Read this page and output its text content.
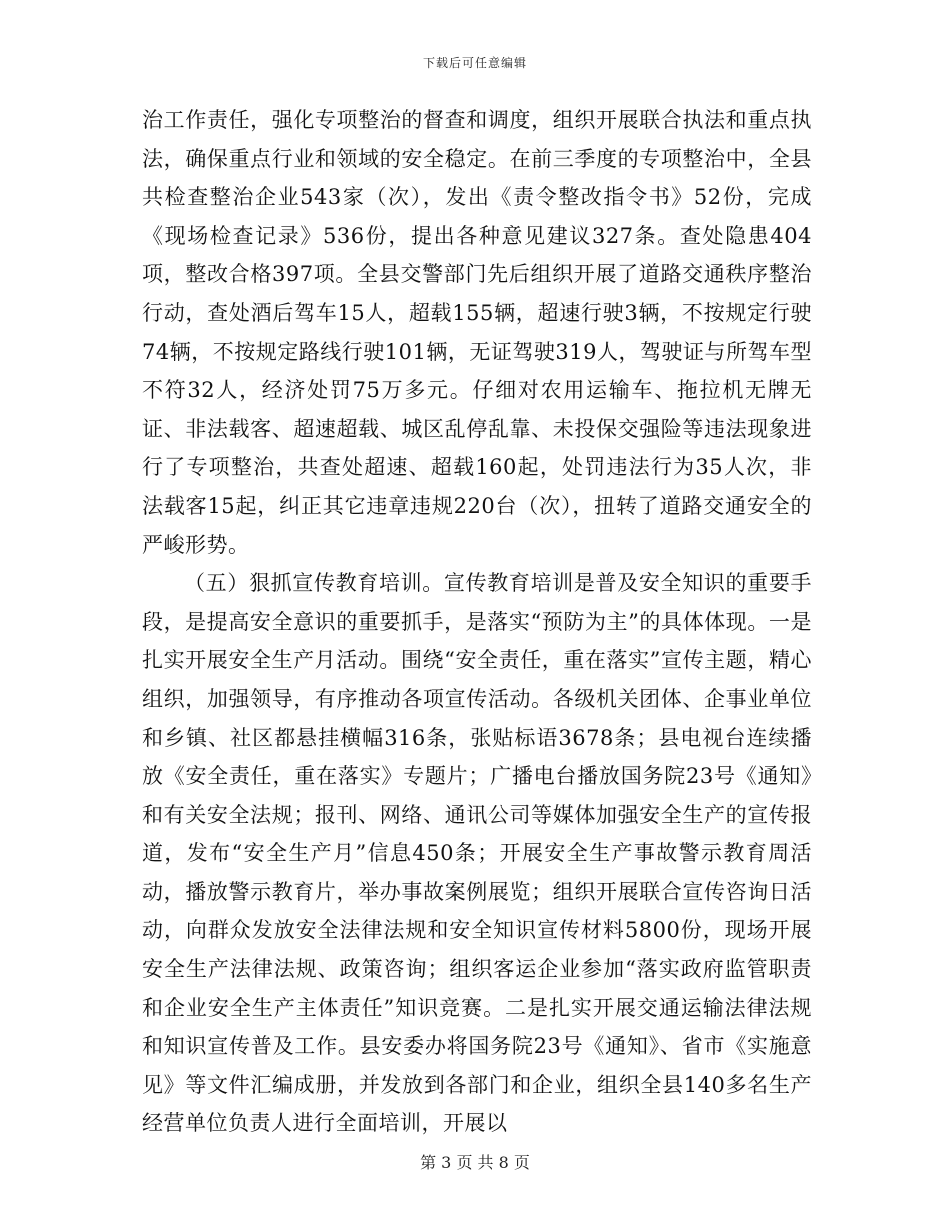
下载后可任意编辑

治工作责任，强化专项整治的督查和调度，组织开展联合执法和重点执法，确保重点行业和领域的安全稳定。在前三季度的专项整治中，全县共检查整治企业543家（次），发出《责令整改指令书》52份，完成《现场检查记录》536份，提出各种意见建议327条。查处隐患404项，整改合格397项。全县交警部门先后组织开展了道路交通秩序整治行动，查处酒后驾车15人，超载155辆，超速行驶3辆，不按规定行驶74辆，不按规定路线行驶101辆，无证驾驶319人，驾驶证与所驾车型不符32人，经济处罚75万多元。仔细对农用运输车、拖拉机无牌无证、非法载客、超速超载、城区乱停乱靠、未投保交强险等违法现象进行了专项整治，共查处超速、超载160起，处罚违法行为35人次，非法载客15起，纠正其它违章违规220台（次），扭转了道路交通安全的严峻形势。

（五）狠抓宣传教育培训。宣传教育培训是普及安全知识的重要手段，是提高安全意识的重要抓手，是落实“预防为主”的具体体现。一是扎实开展安全生产月活动。围绕“安全责任，重在落实”宣传主题，精心组织，加强领导，有序推动各项宣传活动。各级机关团体、企事业单位和乡镇、社区都悬挂横幅316条，张贴标语3678条；县电视台连续播放《安全责任，重在落实》专题片；广播电台播放国务院23号《通知》和有关安全法规；报刊、网络、通讯公司等媒体加强安全生产的宣传报道，发布“安全生产月”信息450条；开展安全生产事故警示教育周活动，播放警示教育片，举办事故案例展览；组织开展联合宣传咨询日活动，向群众发放安全法律法规和安全知识宣传材料5800份，现场开展安全生产法律法规、政策咨询；组织客运企业参加“落实政府监管职责和企业安全生产主体责任”知识竞赛。二是扎实开展交通运输法律法规和知识宣传普及工作。县安委办将国务院23号《通知》、省市《实施意见》等文件汇编成册，并发放到各部门和企业，组织全县140多名生产经营单位负责人进行全面培训，开展以

第 3 页 共 8 页
